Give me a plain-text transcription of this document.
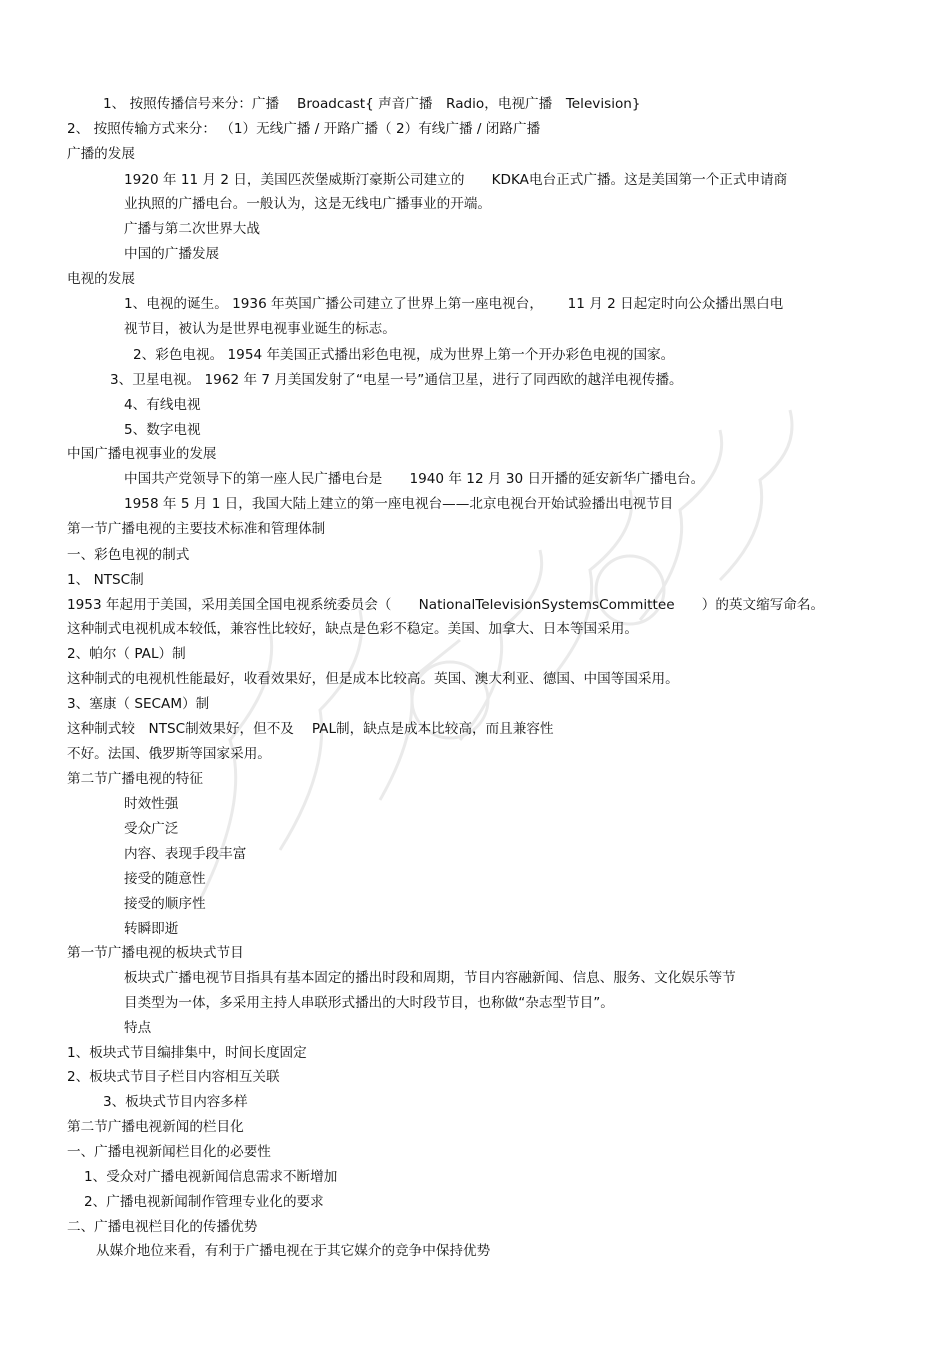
1、 按照传播信号来分：广播　 Broadcast{ 声音广播　Radio，电视广播　Television}

2、 按照传输方式来分： （1）无线广播 / 开路广播（ 2）有线广播 / 闭路广播

广播的发展

1920 年 11 月 2 日，美国匹茨堡威斯汀豪斯公司建立的　　KDKA电台正式广播。这是美国第一个正式申请商

业执照的广播电台。一般认为，这是无线电广播事业的开端。

广播与第二次世界大战

中国的广播发展

电视的发展

1、电视的诞生。 1936 年英国广播公司建立了世界上第一座电视台，　　 11 月 2 日起定时向公众播出黑白电

视节目，被认为是世界电视事业诞生的标志。

2、彩色电视。 1954 年美国正式播出彩色电视，成为世界上第一个开办彩色电视的国家。

3、卫星电视。 1962 年 7 月美国发射了“电星一号”通信卫星，进行了同西欧的越洋电视传播。

4、有线电视

5、数字电视

中国广播电视事业的发展

中国共产党领导下的第一座人民广播电台是　　1940 年 12 月 30 日开播的延安新华广播电台。

1958 年 5 月 1 日，我国大陆上建立的第一座电视台——北京电视台开始试验播出电视节目

第一节广播电视的主要技术标准和管理体制

一、彩色电视的制式

1、 NTSC制

1953 年起用于美国，采用美国全国电视系统委员会（　　NationalTelevisionSystemsCommittee　　）的英文缩写命名。

这种制式电视机成本较低，兼容性比较好，缺点是色彩不稳定。美国、加拿大、日本等国采用。

2、帕尔（ PAL）制

这种制式的电视机性能最好，收看效果好，但是成本比较高。英国、澳大利亚、德国、中国等国采用。

3、塞康（ SECAM）制

这种制式较　NTSC制效果好，但不及　 PAL制，缺点是成本比较高，而且兼容性

不好。法国、俄罗斯等国家采用。

第二节广播电视的特征

时效性强

受众广泛

内容、表现手段丰富

接受的随意性

接受的顺序性

转瞬即逝

第一节广播电视的板块式节目

板块式广播电视节目指具有基本固定的播出时段和周期，节目内容融新闻、信息、服务、文化娱乐等节

目类型为一体，多采用主持人串联形式播出的大时段节目，也称做“杂志型节目”。

特点

1、板块式节目编排集中，时间长度固定

2、板块式节目子栏目内容相互关联

3、板块式节目内容多样

第二节广播电视新闻的栏目化

一、广播电视新闻栏目化的必要性

1、受众对广播电视新闻信息需求不断增加

2、广播电视新闻制作管理专业化的要求

二、广播电视栏目化的传播优势

从媒介地位来看，有利于广播电视在于其它媒介的竞争中保持优势
